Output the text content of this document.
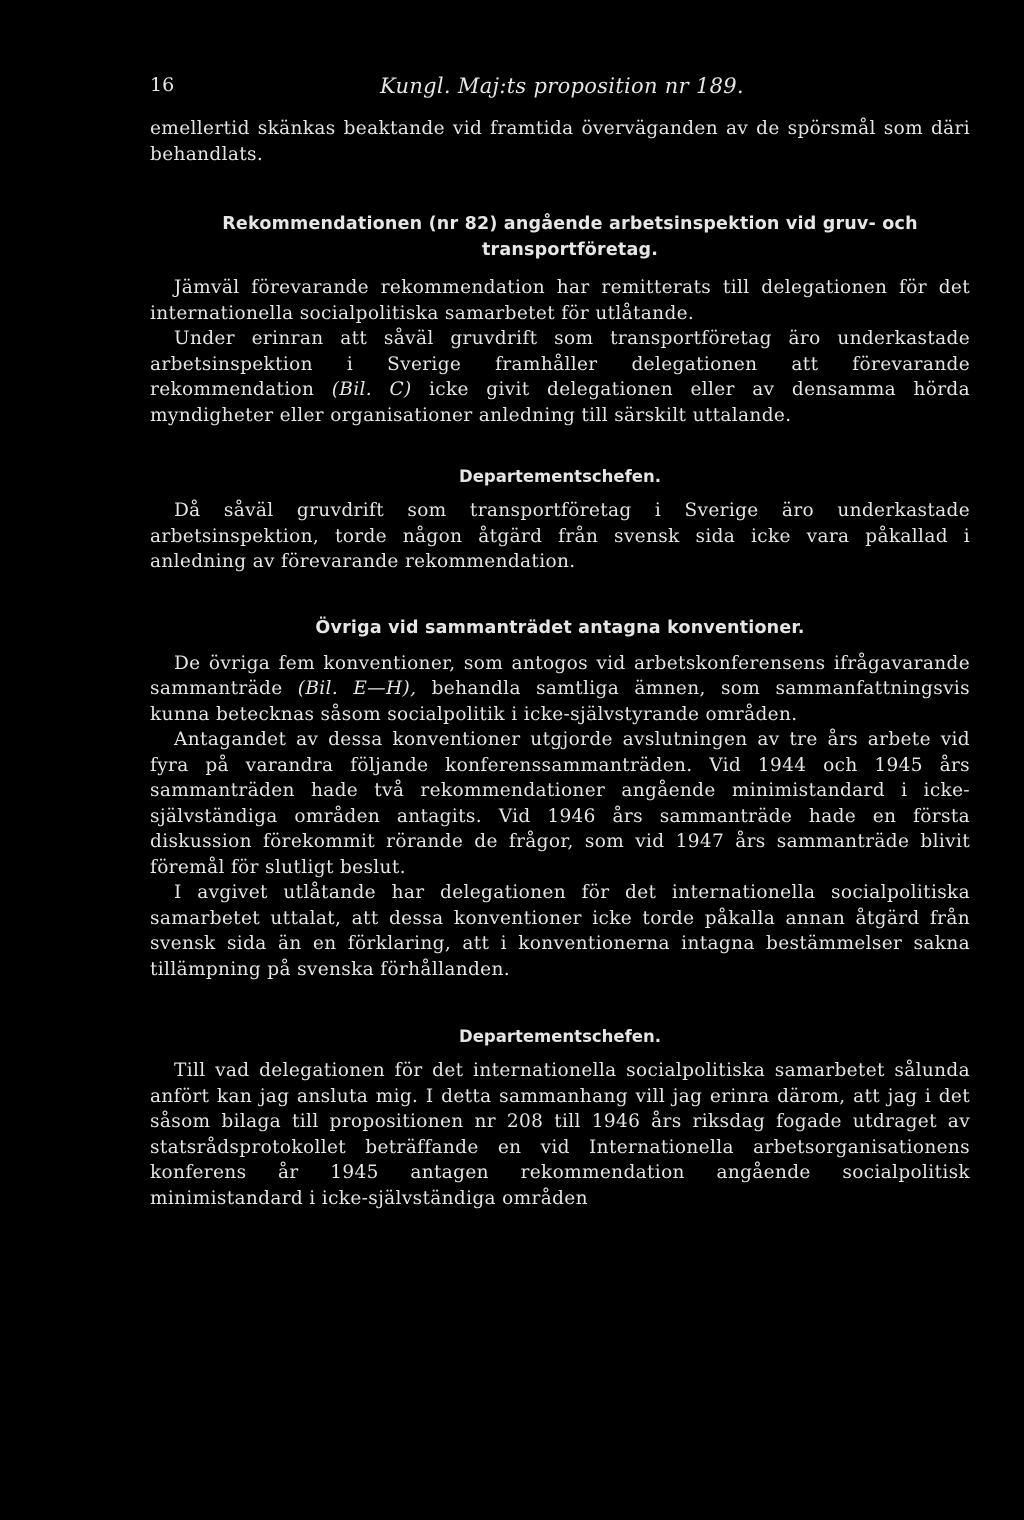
16	Kungl. Maj:ts proposition nr 189.

emellertid skänkas beaktande vid framtida överväganden av de spörsmål som däri behandlats.

Rekommendationen (nr 82) angående arbetsinspektion vid gruv- och transportföretag.

Jämväl förevarande rekommendation har remitterats till delegationen för det internationella socialpolitiska samarbetet för utlåtande.

Under erinran att såväl gruvdrift som transportföretag äro underkastade arbetsinspektion i Sverige framhåller delegationen att förevarande rekommendation (Bil. C) icke givit delegationen eller av densamma hörda myndigheter eller organisationer anledning till särskilt uttalande.

Departementschefen.

Då såväl gruvdrift som transportföretag i Sverige äro underkastade arbetsinspektion, torde någon åtgärd från svensk sida icke vara påkallad i anledning av förevarande rekommendation.

Övriga vid sammanträdet antagna konventioner.

De övriga fem konventioner, som antogos vid arbetskonferensens ifrågavarande sammanträde (Bil. E—H), behandla samtliga ämnen, som sammanfattningsvis kunna betecknas såsom socialpolitik i icke-självstyrande områden.

Antagandet av dessa konventioner utgjorde avslutningen av tre års arbete vid fyra på varandra följande konferenssammanträden. Vid 1944 och 1945 års sammanträden hade två rekommendationer angående minimistandard i icke-självständiga områden antagits. Vid 1946 års sammanträde hade en första diskussion förekommit rörande de frågor, som vid 1947 års sammanträde blivit föremål för slutligt beslut.

I avgivet utlåtande har delegationen för det internationella socialpolitiska samarbetet uttalat, att dessa konventioner icke torde påkalla annan åtgärd från svensk sida än en förklaring, att i konventionerna intagna bestämmelser sakna tillämpning på svenska förhållanden.

Departementschefen.

Till vad delegationen för det internationella socialpolitiska samarbetet sålunda anfört kan jag ansluta mig. I detta sammanhang vill jag erinra därom, att jag i det såsom bilaga till propositionen nr 208 till 1946 års riksdag fogade utdraget av statsrådsprotokollet beträffande en vid Internationella arbetsorganisationens konferens år 1945 antagen rekommendation angående socialpolitisk minimistandard i icke-självständiga områden
